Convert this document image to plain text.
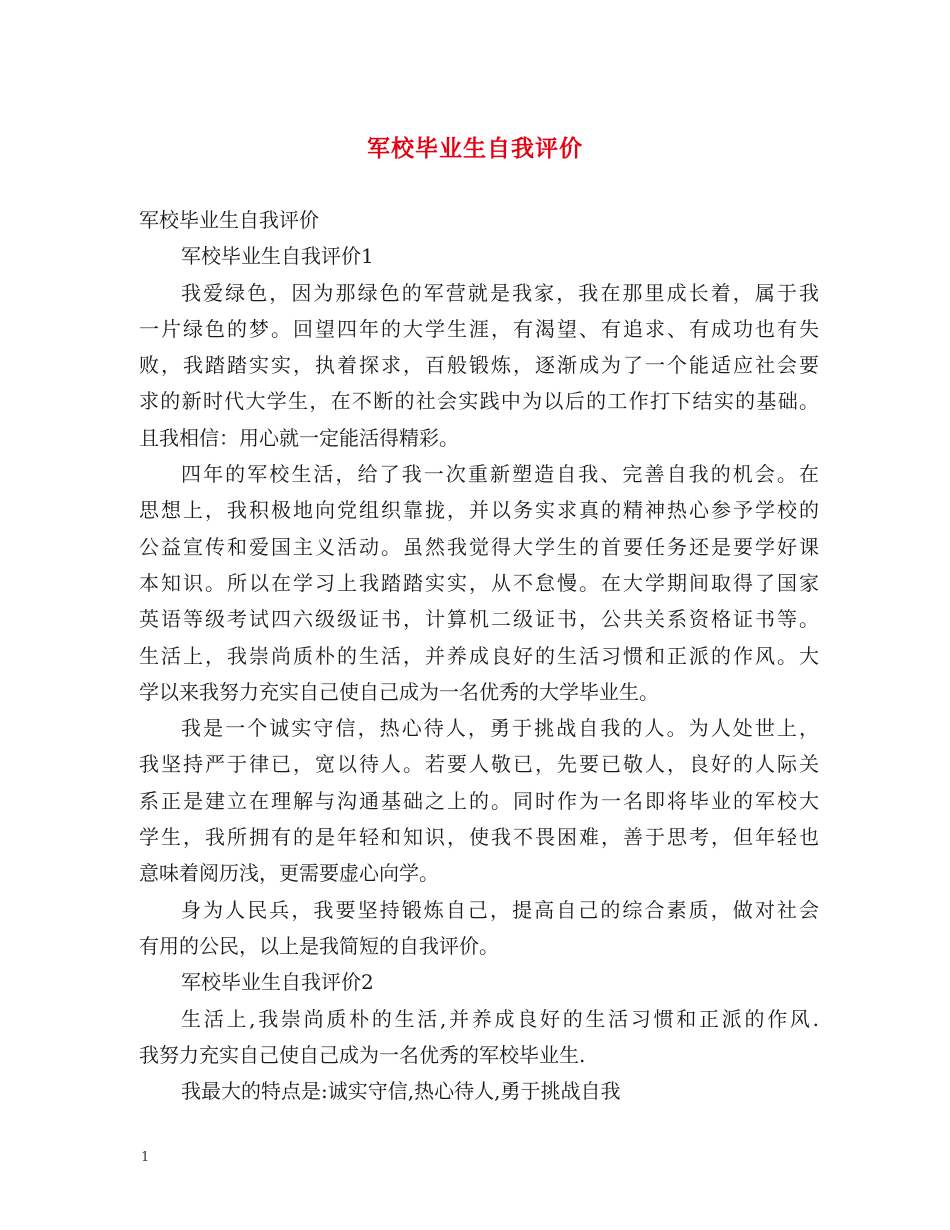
军校毕业生自我评价

军校毕业生自我评价

军校毕业生自我评价1

我爱绿色，因为那绿色的军营就是我家，我在那里成长着，属于我

一片绿色的梦。回望四年的大学生涯，有渴望、有追求、有成功也有失

败，我踏踏实实，执着探求，百般锻炼，逐渐成为了一个能适应社会要

求的新时代大学生，在不断的社会实践中为以后的工作打下结实的基础。

且我相信：用心就一定能活得精彩。

四年的军校生活，给了我一次重新塑造自我、完善自我的机会。在

思想上，我积极地向党组织靠拢，并以务实求真的精神热心参予学校的

公益宣传和爱国主义活动。虽然我觉得大学生的首要任务还是要学好课

本知识。所以在学习上我踏踏实实，从不怠慢。在大学期间取得了国家

英语等级考试四六级级证书，计算机二级证书，公共关系资格证书等。

生活上，我崇尚质朴的生活，并养成良好的生活习惯和正派的作风。大

学以来我努力充实自己使自己成为一名优秀的大学毕业生。

我是一个诚实守信，热心待人，勇于挑战自我的人。为人处世上，

我坚持严于律已，宽以待人。若要人敬已，先要已敬人，良好的人际关

系正是建立在理解与沟通基础之上的。同时作为一名即将毕业的军校大

学生，我所拥有的是年轻和知识，使我不畏困难，善于思考，但年轻也

意味着阅历浅，更需要虚心向学。

身为人民兵，我要坚持锻炼自己，提高自己的综合素质，做对社会

有用的公民，以上是我简短的自我评价。

军校毕业生自我评价2

生活上,我崇尚质朴的生活,并养成良好的生活习惯和正派的作风.

我努力充实自己使自己成为一名优秀的军校毕业生.

我最大的特点是:诚实守信,热心待人,勇于挑战自我

1
